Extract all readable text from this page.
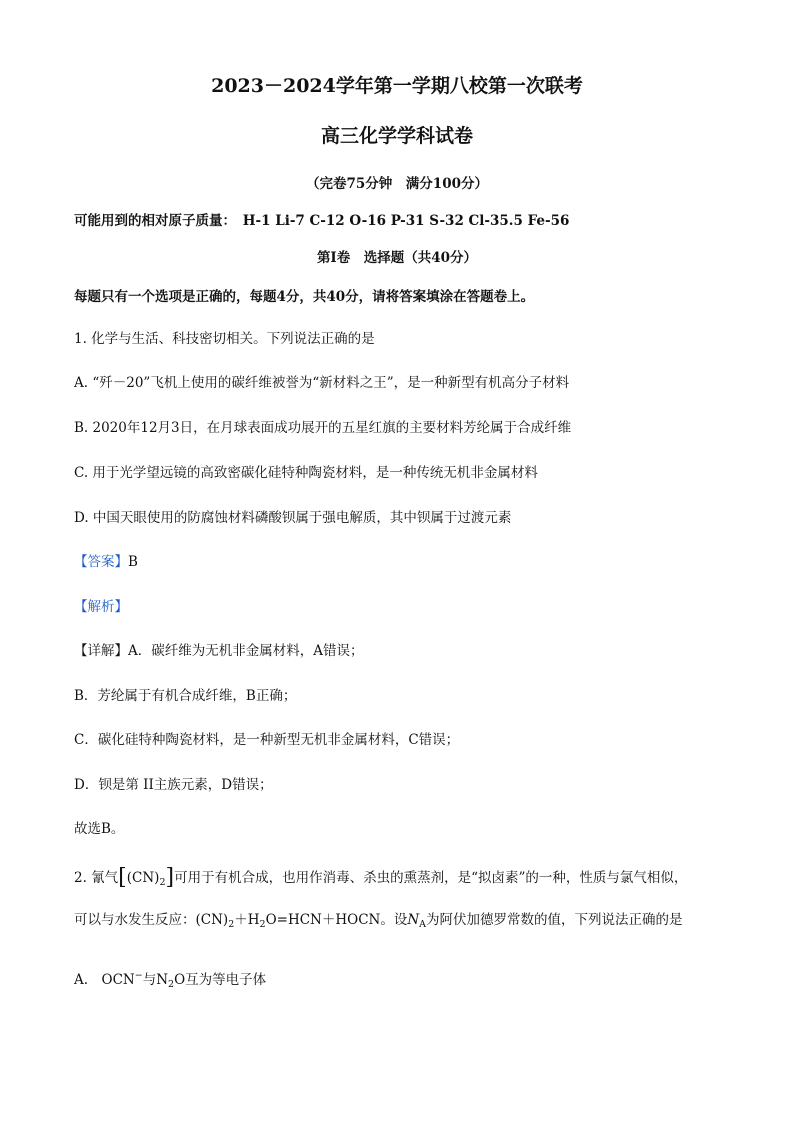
2023－2024学年第一学期八校第一次联考
高三化学学科试卷
（完卷75分钟　满分100分）
可能用到的相对原子质量：　H-1 Li-7 C-12 O-16 P-31 S-32 Cl-35.5 Fe-56
第Ⅰ卷　选择题（共40分）
每题只有一个选项是正确的，每题4分，共40分，请将答案填涂在答题卷上。
1. 化学与生活、科技密切相关。下列说法正确的是
A. “歼－20”飞机上使用的碳纤维被誉为“新材料之王”，是一种新型有机高分子材料
B. 2020年12月3日，在月球表面成功展开的五星红旗的主要材料芳纶属于合成纤维
C. 用于光学望远镜的高致密碳化硅特种陶瓷材料，是一种传统无机非金属材料
D. 中国天眼使用的防腐蚀材料磷酸钡属于强电解质，其中钡属于过渡元素
【答案】B
【解析】
【详解】A．碳纤维为无机非金属材料，A错误；
B．芳纶属于有机合成纤维，B正确；
C．碳化硅特种陶瓷材料，是一种新型无机非金属材料，C错误；
D．钡是第 II主族元素，D错误；
故选B。
2. 氰气$[(CN)_2]$可用于有机合成，也用作消毒、杀虫的熏蒸剂，是“拟卤素”的一种，性质与氯气相似，
可以与水发生反应：$(CN)_2+H_2O=HCN+HOCN$。设$N_A$为阿伏加德罗常数的值，下列说法正确的是
A.　OCN−与$N_2O$互为等电子体
